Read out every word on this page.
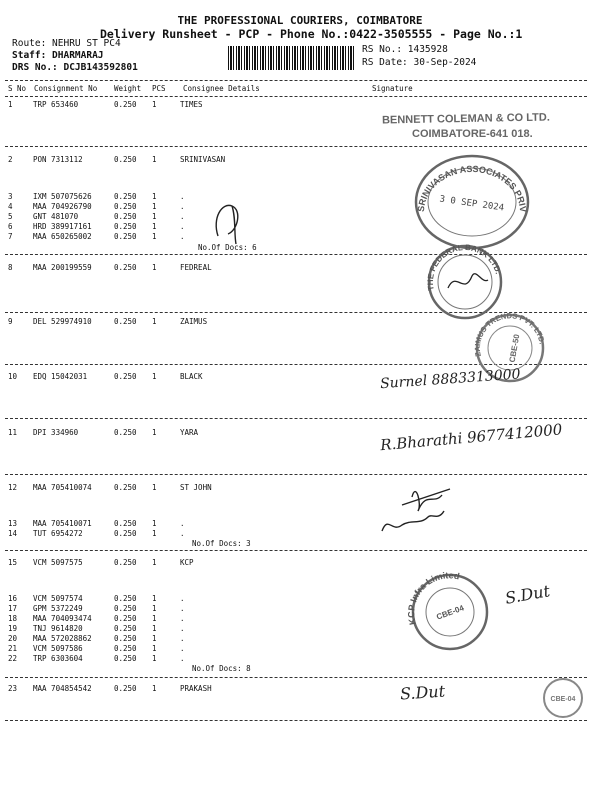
THE PROFESSIONAL COURIERS, COIMBATORE
Delivery Runsheet - PCP - Phone No.:0422-3505555 - Page No.:1
Route: NEHRU ST PC4
Staff: DHARMARAJ
DRS No.: DCJB143592801
RS No.: 1435928
RS Date: 30-Sep-2024
S No Consignment No Weight PCS Consignee Details	Signature
1	TRP 653460	0.250 1	TIMES
2	PON 7313112	0.250 1	SRINIVASAN
3	IXM 507075626	0.250 1	.
4	MAA 704926790	0.250 1	.
5	GNT 481070	0.250 1	.
6	HRD 389917161	0.250 1	.
7	MAA 650265002	0.250 1	.
No.Of Docs: 6
8	MAA 200199559	0.250 1	FEDREAL
9	DEL 529974910	0.250 1	ZAIMUS
10 EDQ 15042031	0.250 1	BLACK
11 DPI 334960	0.250 1	YARA
12 MAA 705410074	0.250 1	ST JOHN
13 MAA 705410071	0.250 1	.
14 TUT 6954272	0.250 1	.
No.Of Docs: 3
15 VCM 5097575	0.250 1	KCP
16 VCM 5097574	0.250 1	.
17 GPM 5372249	0.250 1	.
18 MAA 704093474	0.250 1	.
19 TNJ 9614820	0.250 1	.
20 MAA 572028862	0.250 1	.
21 VCM 5097586	0.250 1	.
22 TRP 6303604	0.250 1	.
No.Of Docs: 8
23 MAA 704854542	0.250 1	PRAKASH
BENNETT COLEMAN & CO LTD.
COIMBATORE-641 018.
SRINIVASAN ASSOCIATES PRIVATE LIMITED
3 0 SEP 2024
THE FEDERAL BANK LTD.
ZAIMUS TRENDS PVT. LTD.
CBE-50
Surnel 8883313000
R.Bharathi 9677412000
KCP Infra Limited
CBE-04
S.Dut
S.Dut	CBE-04
